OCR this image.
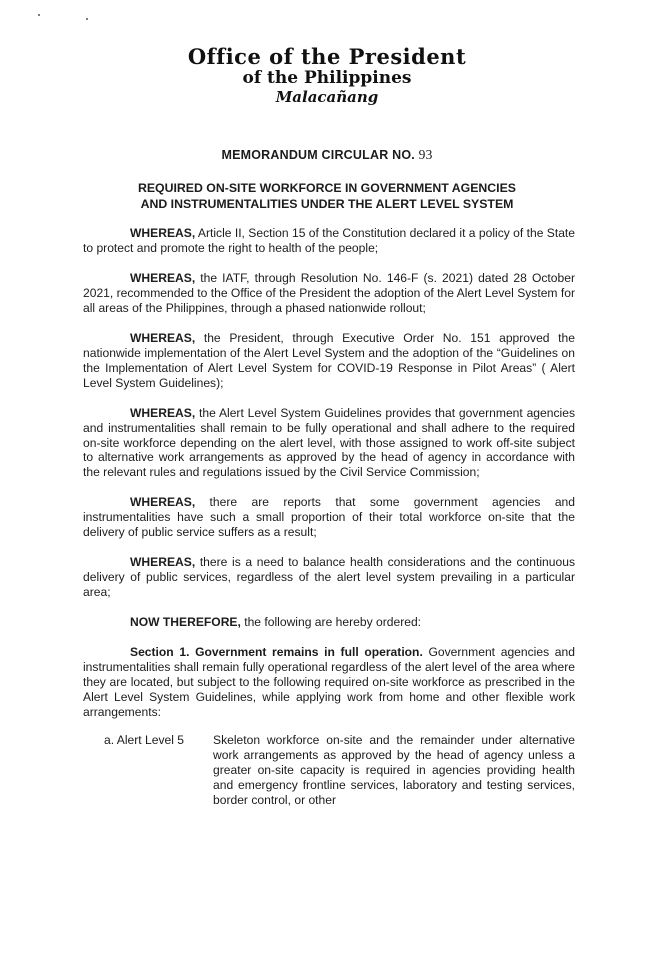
Office of the President
of the Philippines
Malacañang
MEMORANDUM CIRCULAR NO. 93
REQUIRED ON-SITE WORKFORCE IN GOVERNMENT AGENCIES
AND INSTRUMENTALITIES UNDER THE ALERT LEVEL SYSTEM

WHEREAS, Article II, Section 15 of the Constitution declared it a policy of the State to protect and promote the right to health of the people;

WHEREAS, the IATF, through Resolution No. 146-F (s. 2021) dated 28 October 2021, recommended to the Office of the President the adoption of the Alert Level System for all areas of the Philippines, through a phased nationwide rollout;

WHEREAS, the President, through Executive Order No. 151 approved the nationwide implementation of the Alert Level System and the adoption of the “Guidelines on the Implementation of Alert Level System for COVID-19 Response in Pilot Areas” ( Alert Level System Guidelines);

WHEREAS, the Alert Level System Guidelines provides that government agencies and instrumentalities shall remain to be fully operational and shall adhere to the required on-site workforce depending on the alert level, with those assigned to work off-site subject to alternative work arrangements as approved by the head of agency in accordance with the relevant rules and regulations issued by the Civil Service Commission;

WHEREAS, there are reports that some government agencies and instrumentalities have such a small proportion of their total workforce on-site that the delivery of public service suffers as a result;

WHEREAS, there is a need to balance health considerations and the continuous delivery of public services, regardless of the alert level system prevailing in a particular area;

NOW THEREFORE, the following are hereby ordered:

Section 1. Government remains in full operation. Government agencies and instrumentalities shall remain fully operational regardless of the alert level of the area where they are located, but subject to the following required on-site workforce as prescribed in the Alert Level System Guidelines, while applying work from home and other flexible work arrangements:

a. Alert Level 5	Skeleton workforce on-site and the remainder under alternative work arrangements as approved by the head of agency unless a greater on-site capacity is required in agencies providing health and emergency frontline services, laboratory and testing services, border control, or other
